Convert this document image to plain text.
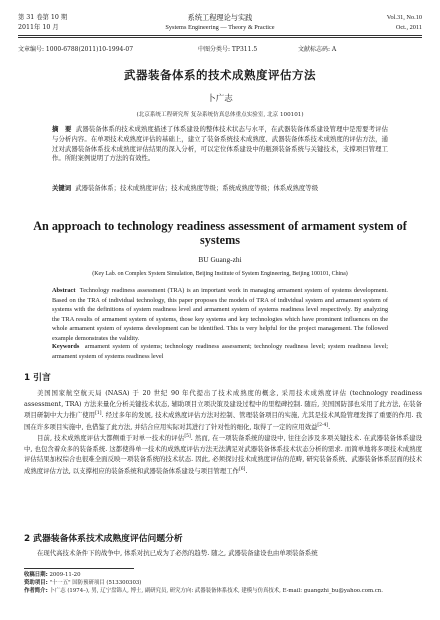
第 31 卷第 10 期	系统工程理论与实践	Vol.31, No.10
2011年 10 月	Systems Engineering — Theory & Practice	Oct., 2011
文章编号: 1000-6788(2011)10-1994-07	中图分类号: TP311.5	文献标志码: A
武器装备体系的技术成熟度评估方法
卜广志
(北京系统工程研究所 复杂系统仿真总体重点实验室, 北京 100101)
摘　要 武器装备体系的技术成熟度描述了体系建设的整体技术状态与水平，在武器装备体系建设管理中是需要考评估与分析内容。在单项技术成熟度评估的基础上，建立了装备系统技术成熟度、武器装备体系技术成熟度的评估方法，通过对武器装备体系技术成熟度评估结果的深入分析，可以定位体系建设中的瓶颈装备系统与关键技术，支撑项目管理工作。所附案例说明了方法的有效性。
关键词 武器装备体系；技术成熟度评估；技术成熟度等级；系统成熟度等级；体系成熟度等级
An approach to technology readiness assessment of armament system of systems
BU Guang-zhi
(Key Lab. on Complex System Simulation, Beijing Institute of System Engineering, Beijing 100101, China)
Abstract Technology readiness assessment (TRA) is an important work in managing armament system of systems development. Based on the TRA of individual technology, this paper proposes the models of TRA of individual system and armament system of systems with the definitions of system readiness level and armament system of systems readiness level respectively. By analyzing the TRA results of armament system of systems, those key systems and key technologies which have prominent influences on the whole armament system of systems development can be identified. This is very helpful for the project management. The followed example demonstrates the validity.
Keywords armament system of systems; technology readiness assessment; technology readiness level; system readiness level; armament system of systems readiness level
1 引言

美国国家航空航天局 (NASA) 于 20 世纪 90 年代提出了技术成熟度的概念, 采用技术成熟度评估 (technology readiness assessment, TRA) 方法来量化分析关键技术状态, 辅助项目立项决策及建设过程中的里程碑控制. 随后, 美国国防部也采用了此方法, 在装备项目研制中大力推广使用[1]. 经过多年的发展, 技术成熟度评估方法对控制、管理装备项目的实施, 尤其是技术风险管理发挥了重要的作用. 我国在许多项目实施中, 也借鉴了此方法, 并结合应用实际对其进行了针对性的细化, 取得了一定的应用效益[2-4].

目前, 技术成熟度评估大都侧重于对单一技术的评估[5]. 然而, 在一项装备系统的建设中, 往往会涉及多项关键技术. 在武器装备体系建设中, 也包含着众多的装备系统. 这都使得单一技术的成熟度评估方法无法满足对武器装备体系技术状态分析的需求. 而简单地将多项技术成熟度评估结果加权综合也很难全面反映一项装备系统的技术状态. 因此, 必须探讨技术成熟度评估的范畴, 研究装备系统、武器装备体系层面的技术成熟度评估方法, 以支撑相应的装备系统和武器装备体系建设与项目管理工作[6].

2 武器装备体系技术成熟度评估问题分析

在现代高技术条件下的战争中, 体系对抗已成为了必然的趋势. 随之, 武器装备建设也由单项装备系统

收稿日期: 2009-11-20
资助项目: "十一五" 国防预研项目 (513300303)
作者简介: 卜广志 (1974–), 男, 辽宁盘锦人, 博士, 副研究员, 研究方向: 武器装备体系技术, 建模与仿真技术, E-mail: guangzhi_bu@yahoo.com.cn.
